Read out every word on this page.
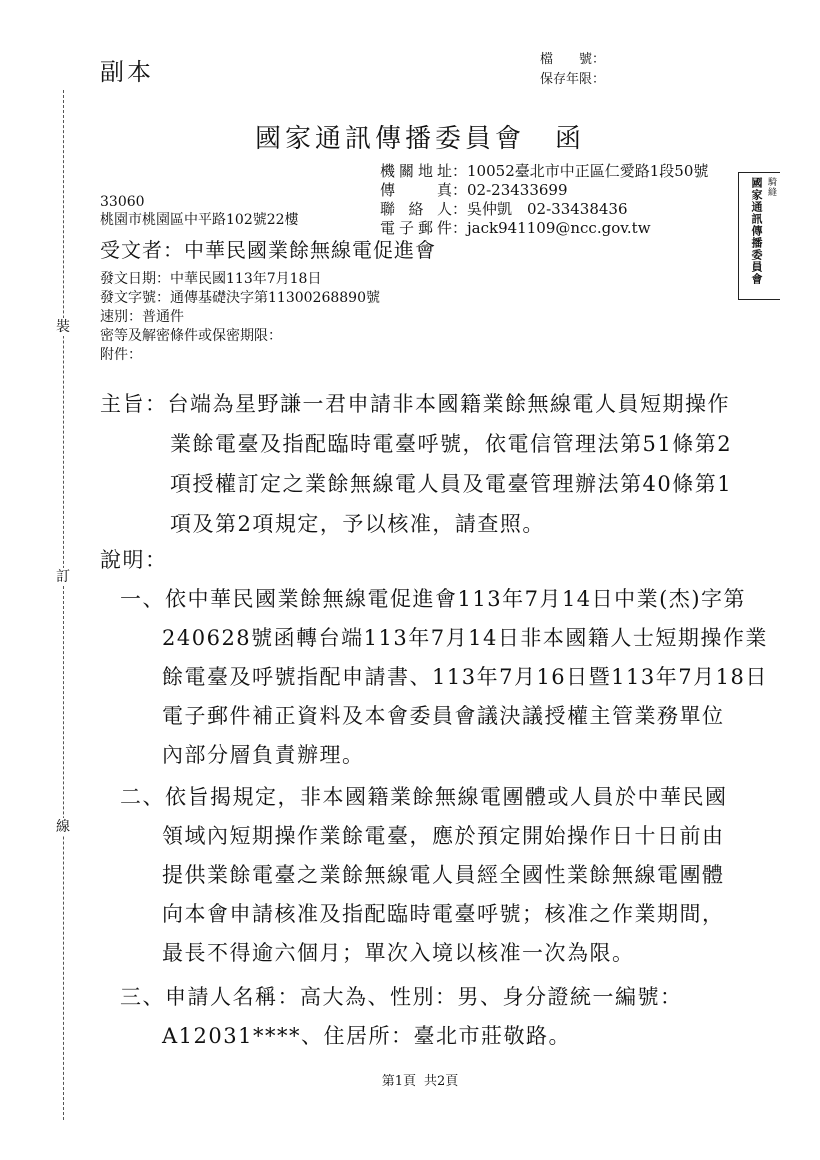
副本	檔　　號：
保存年限：
國家通訊傳播委員會　函
機關地址：10052臺北市中正區仁愛路1段50號
傳　　真：02-23433699
聯 絡 人：吳仲凱　02-33438436
電子郵件：jack941109@ncc.gov.tw
33060
桃園市桃園區中平路102號22樓
受文者：中華民國業餘無線電促進會
發文日期：中華民國113年7月18日
發文字號：通傳基礎決字第11300268890號
速別：普通件
密等及解密條件或保密期限：
附件：
主旨：台端為星野謙一君申請非本國籍業餘無線電人員短期操作
業餘電臺及指配臨時電臺呼號，依電信管理法第51條第2
項授權訂定之業餘無線電人員及電臺管理辦法第40條第1
項及第2項規定，予以核准，請查照。
說明：
一、依中華民國業餘無線電促進會113年7月14日中業(杰)字第
240628號函轉台端113年7月14日非本國籍人士短期操作業
餘電臺及呼號指配申請書、113年7月16日暨113年7月18日
電子郵件補正資料及本會委員會議決議授權主管業務單位
內部分層負責辦理。
二、依旨揭規定，非本國籍業餘無線電團體或人員於中華民國
領域內短期操作業餘電臺，應於預定開始操作日十日前由
提供業餘電臺之業餘無線電人員經全國性業餘無線電團體
向本會申請核准及指配臨時電臺呼號；核准之作業期間，
最長不得逾六個月；單次入境以核准一次為限。
三、申請人名稱：高大為、性別：男、身分證統一編號：
A12031****、住居所：臺北市莊敬路。
第1頁 共2頁
裝
訂
線
國家通訊傳播委員會 騎縫
